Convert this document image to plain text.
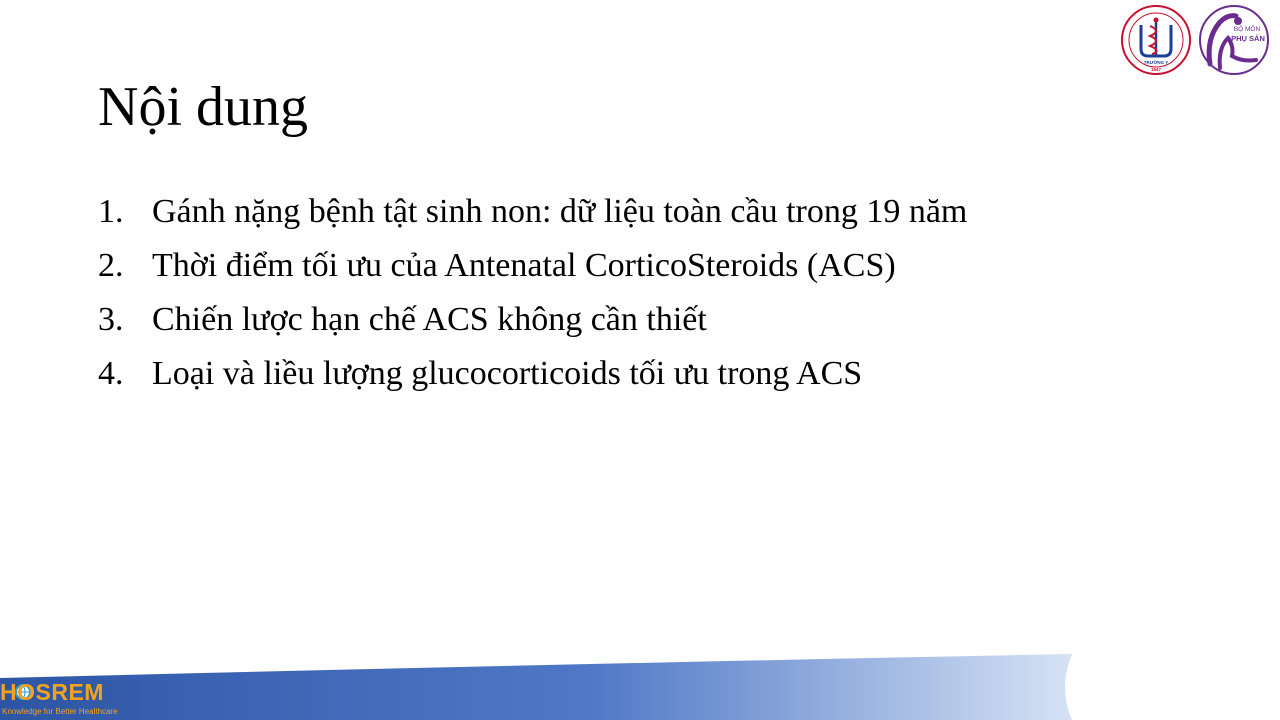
Nội dung
1. Gánh nặng bệnh tật sinh non: dữ liệu toàn cầu trong 19 năm
2. Thời điểm tối ưu của Antenatal CorticoSteroids (ACS)
3. Chiến lược hạn chế ACS không cần thiết
4. Loại và liều lượng glucocorticoids tối ưu trong ACS
TRƯỜNG Y
1947
BỘ MÔN
PHỤ SẢN
HOSREM
Knowledge for Better Healthcare
